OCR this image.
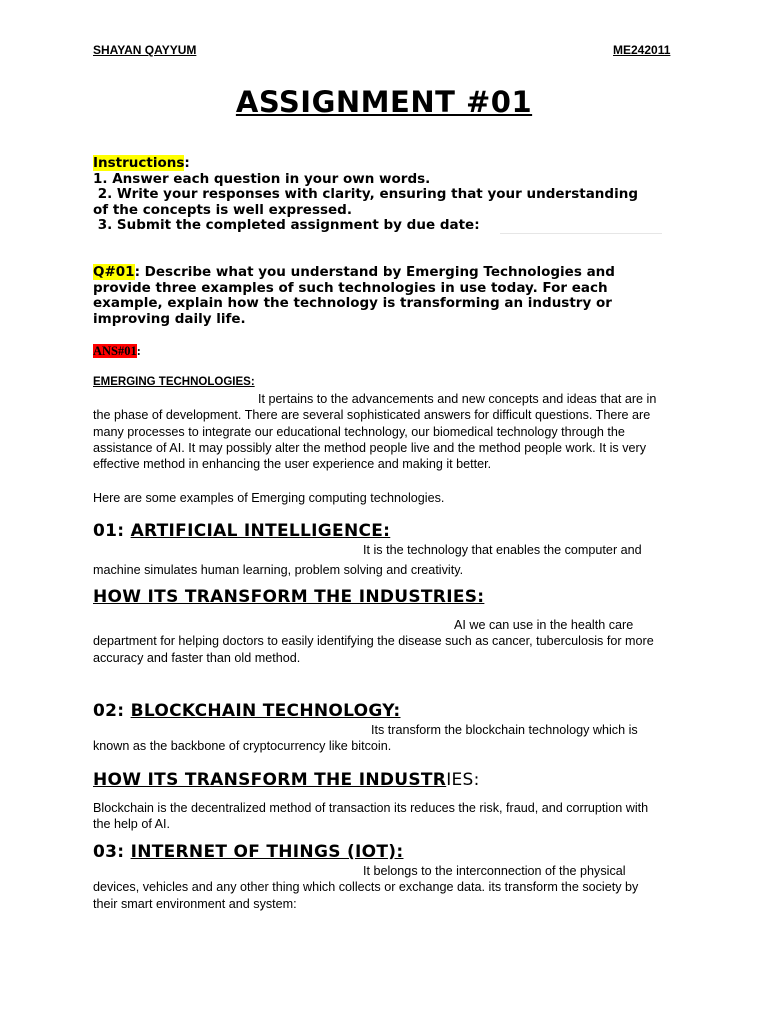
SHAYAN QAYYUM	ME242011
ASSIGNMENT #01
Instructions:
1. Answer each question in your own words.
2. Write your responses with clarity, ensuring that your understanding
of the concepts is well expressed.
3. Submit the completed assignment by due date:
Q#01: Describe what you understand by Emerging Technologies and
provide three examples of such technologies in use today. For each
example, explain how the technology is transforming an industry or
improving daily life.
ANS#01:
EMERGING TECHNOLOGIES:
It pertains to the advancements and new concepts and ideas that are in
the phase of development. There are several sophisticated answers for difficult questions. There are
many processes to integrate our educational technology, our biomedical technology through the
assistance of AI. It may possibly alter the method people live and the method people work. It is very
effective method in enhancing the user experience and making it better.
Here are some examples of Emerging computing technologies.
01: ARTIFICIAL INTELLIGENCE:
It is the technology that enables the computer and
machine simulates human learning, problem solving and creativity.
HOW ITS TRANSFORM THE INDUSTRIES:
AI we can use in the health care
department for helping doctors to easily identifying the disease such as cancer, tuberculosis for more
accuracy and faster than old method.
02: BLOCKCHAIN TECHNOLOGY:
Its transform the blockchain technology which is
known as the backbone of cryptocurrency like bitcoin.
HOW ITS TRANSFORM THE INDUSTRIES:
Blockchain is the decentralized method of transaction its reduces the risk, fraud, and corruption with
the help of AI.
03: INTERNET OF THINGS (IOT):
It belongs to the interconnection of the physical
devices, vehicles and any other thing which collects or exchange data. its transform the society by
their smart environment and system:
